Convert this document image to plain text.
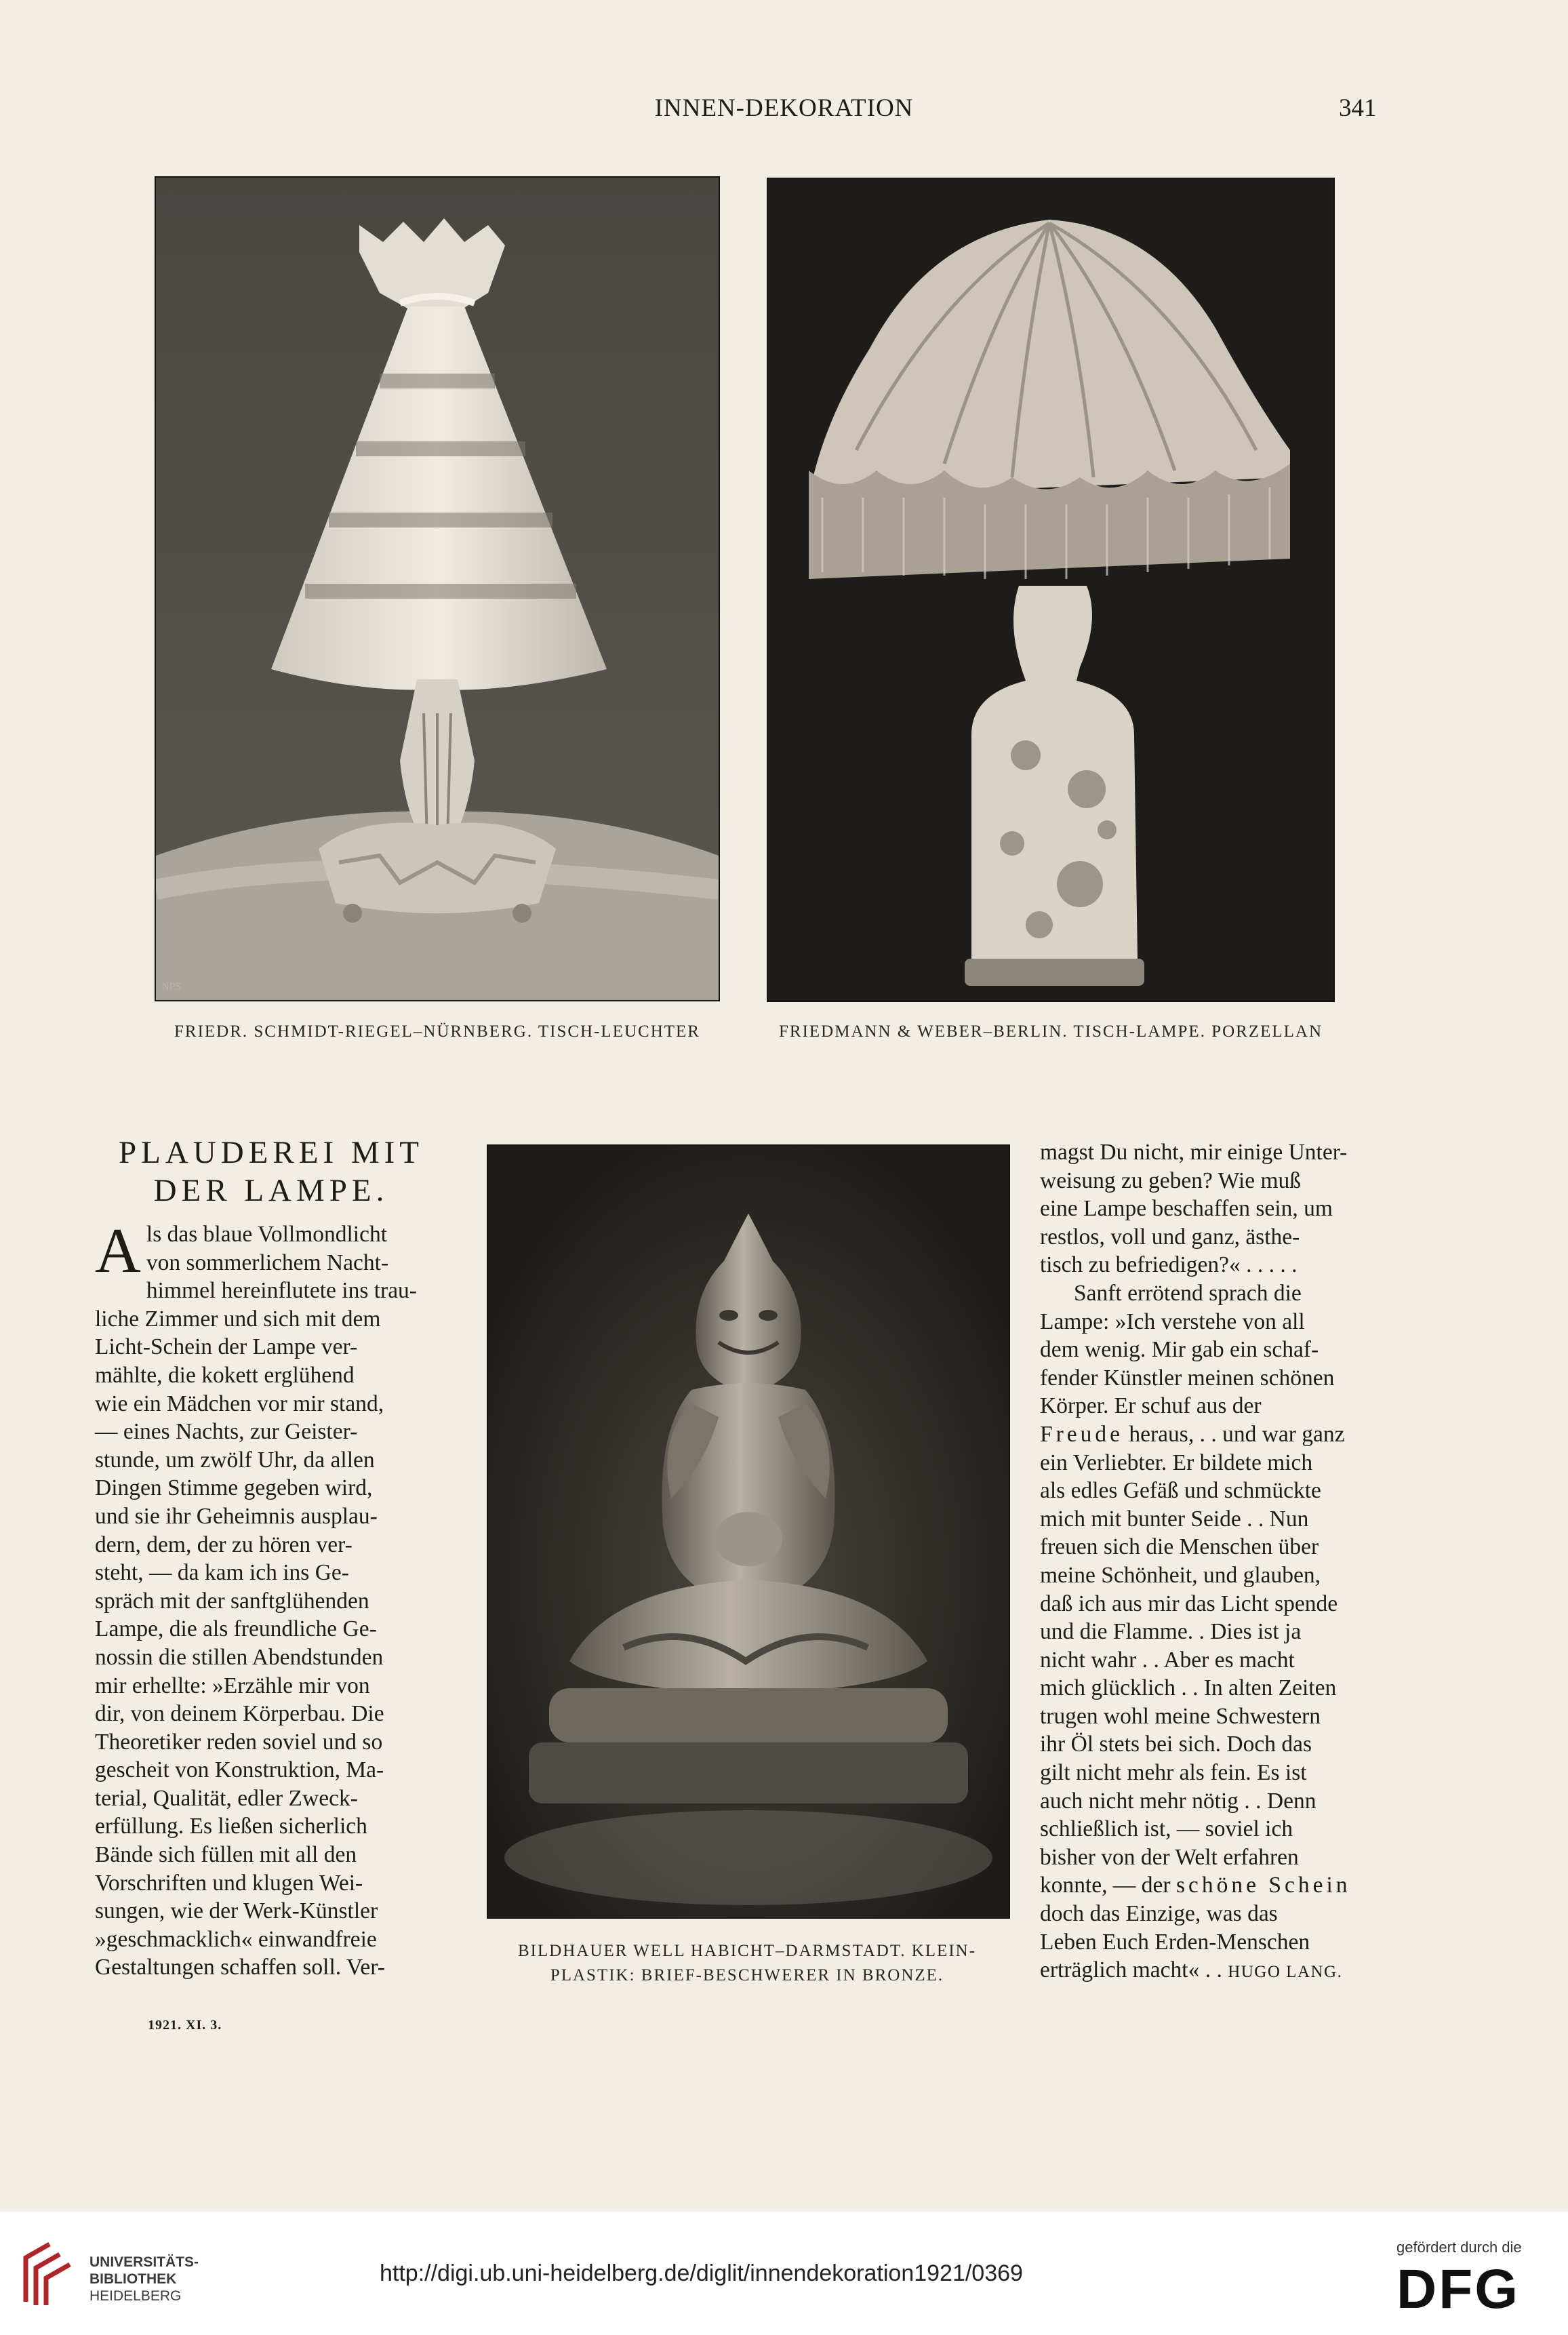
INNEN-DEKORATION	341
NPS
FRIEDR. SCHMIDT-RIEGEL–NÜRNBERG. TISCH-LEUCHTER	FRIEDMANN & WEBER–BERLIN. TISCH-LAMPE. PORZELLAN
PLAUDEREI MIT
DER LAMPE.
A ls das blaue Vollmondlicht

von sommerlichem Nacht-

himmel hereinflutete ins trau-

liche Zimmer und sich mit dem

Licht-Schein der Lampe ver-

mählte, die kokett erglühend

wie ein Mädchen vor mir stand,

— eines Nachts, zur Geister-

stunde, um zwölf Uhr, da allen

Dingen Stimme gegeben wird,

und sie ihr Geheimnis ausplau-

dern, dem, der zu hören ver-

steht, — da kam ich ins Ge-

spräch mit der sanftglühenden

Lampe, die als freundliche Ge-

nossin die stillen Abendstunden

mir erhellte: »Erzähle mir von

dir, von deinem Körperbau. Die

Theoretiker reden soviel und so

gescheit von Konstruktion, Ma-

terial, Qualität, edler Zweck-

erfüllung. Es ließen sicherlich

Bände sich füllen mit all den

Vorschriften und klugen Wei-

sungen, wie der Werk-Künstler

»geschmacklich« einwandfreie

Gestaltungen schaffen soll. Ver-

BILDHAUER WELL HABICHT–DARMSTADT. KLEIN-
PLASTIK: BRIEF-BESCHWERER IN BRONZE.

magst Du nicht, mir einige Unter-

weisung zu geben? Wie muß

eine Lampe beschaffen sein, um

restlos, voll und ganz, ästhe-

tisch zu befriedigen?« . . . . .

Sanft errötend sprach die

Lampe: »Ich verstehe von all

dem wenig. Mir gab ein schaf-

fender Künstler meinen schönen

Körper. Er schuf aus der

Freude heraus, . . und war ganz

ein Verliebter. Er bildete mich

als edles Gefäß und schmückte

mich mit bunter Seide . . Nun

freuen sich die Menschen über

meine Schönheit, und glauben,

daß ich aus mir das Licht spende

und die Flamme. . Dies ist ja

nicht wahr . . Aber es macht

mich glücklich . . In alten Zeiten

trugen wohl meine Schwestern

ihr Öl stets bei sich. Doch das

gilt nicht mehr als fein. Es ist

auch nicht mehr nötig . . Denn

schließlich ist, — soviel ich

bisher von der Welt erfahren

konnte, — der schöne Schein

doch das Einzige, was das

Leben Euch Erden-Menschen

erträglich macht« . . HUGO LANG.

1921. XI. 3.
UNIVERSITÄTS-
BIBLIOTHEK
HEIDELBERG
http://digi.ub.uni-heidelberg.de/diglit/innendekoration1921/0369
gefördert durch die
DFG
